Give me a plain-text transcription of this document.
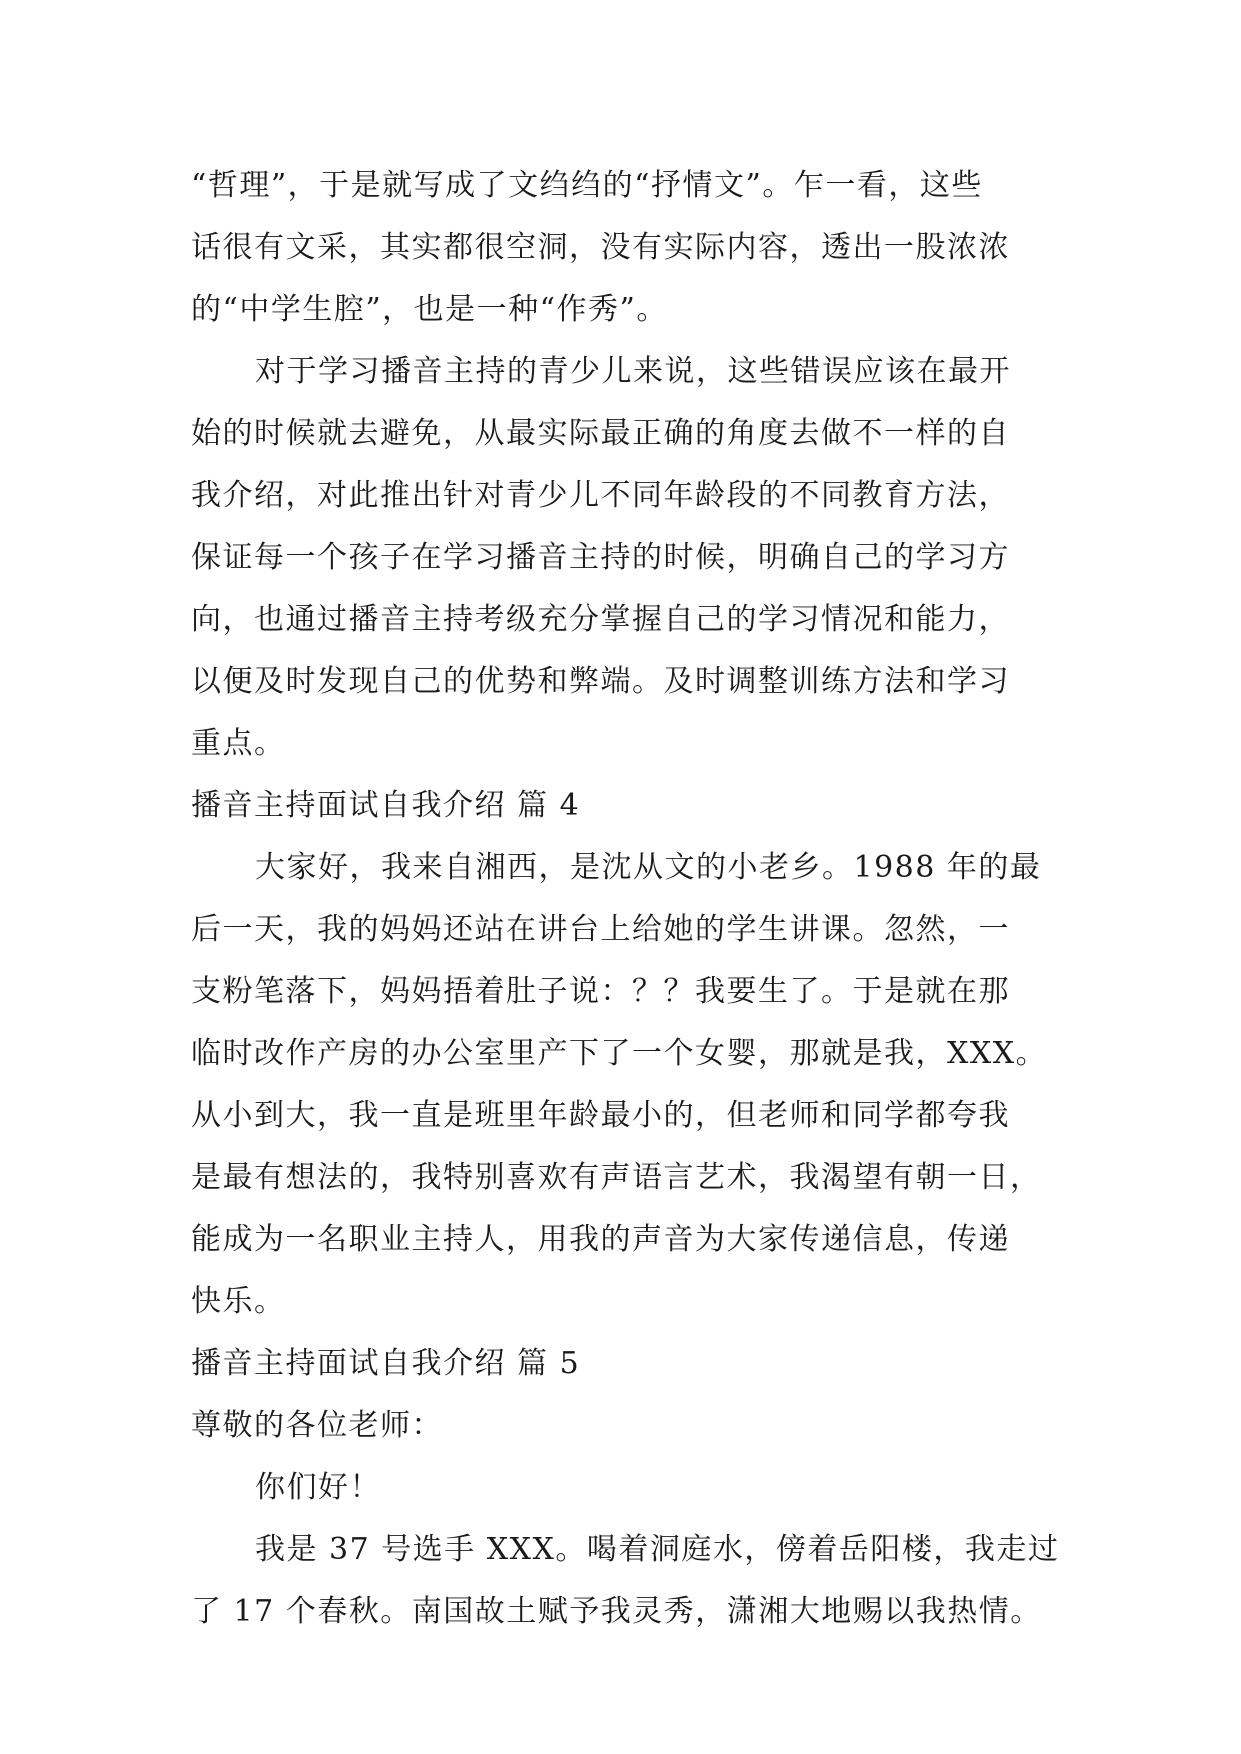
“哲理”，于是就写成了文绉绉的“抒情文”。乍一看，这些
话很有文采，其实都很空洞，没有实际内容，透出一股浓浓
的“中学生腔”，也是一种“作秀”。
对于学习播音主持的青少儿来说，这些错误应该在最开
始的时候就去避免，从最实际最正确的角度去做不一样的自
我介绍，对此推出针对青少儿不同年龄段的不同教育方法，
保证每一个孩子在学习播音主持的时候，明确自己的学习方
向，也通过播音主持考级充分掌握自己的学习情况和能力，
以便及时发现自己的优势和弊端。及时调整训练方法和学习
重点。
播音主持面试自我介绍 篇 4
大家好，我来自湘西，是沈从文的小老乡。1988 年的最
后一天，我的妈妈还站在讲台上给她的学生讲课。忽然，一
支粉笔落下，妈妈捂着肚子说：？？我要生了。于是就在那
临时改作产房的办公室里产下了一个女婴，那就是我，XXX。
从小到大，我一直是班里年龄最小的，但老师和同学都夸我
是最有想法的，我特别喜欢有声语言艺术，我渴望有朝一日，
能成为一名职业主持人，用我的声音为大家传递信息，传递
快乐。
播音主持面试自我介绍 篇 5
尊敬的各位老师：
你们好！
我是 37 号选手 XXX。喝着洞庭水，傍着岳阳楼，我走过
了 17 个春秋。南国故土赋予我灵秀，潇湘大地赐以我热情。
